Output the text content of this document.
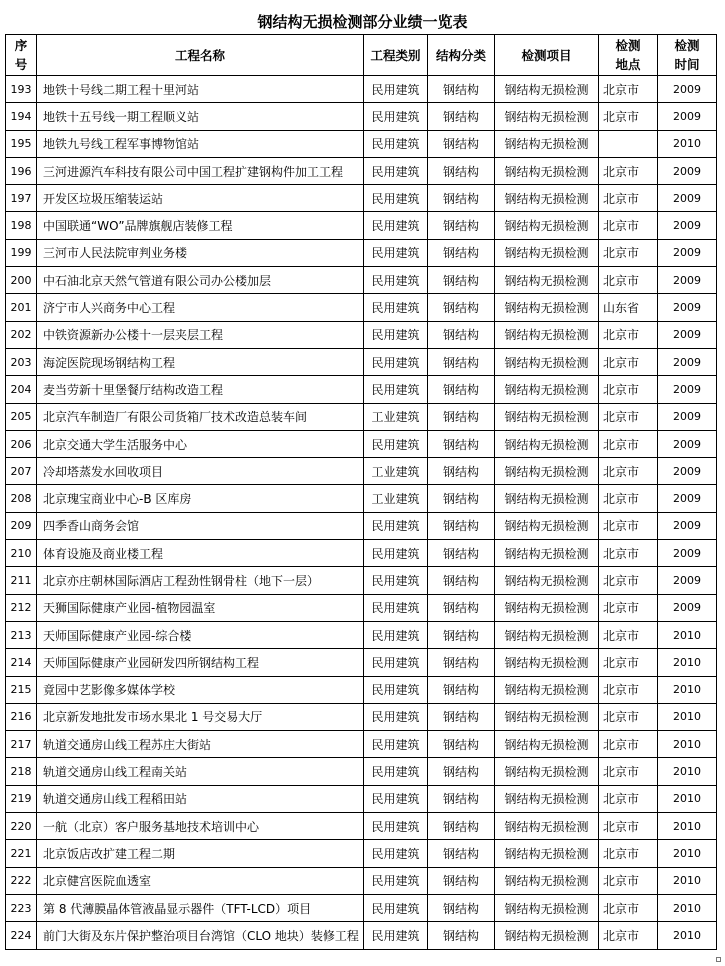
钢结构无损检测部分业绩一览表
序号	工程名称	工程类别	结构分类	检测项目	检测地点	检测时间
193	地铁十号线二期工程十里河站	民用建筑	钢结构	钢结构无损检测	北京市	2009
194	地铁十五号线一期工程顺义站	民用建筑	钢结构	钢结构无损检测	北京市	2009
195	地铁九号线工程军事博物馆站	民用建筑	钢结构	钢结构无损检测		2010
196	三河进源汽车科技有限公司中国工程扩建钢构件加工工程	民用建筑	钢结构	钢结构无损检测	北京市	2009
197	开发区垃圾压缩装运站	民用建筑	钢结构	钢结构无损检测	北京市	2009
198	中国联通“WO”品牌旗舰店装修工程	民用建筑	钢结构	钢结构无损检测	北京市	2009
199	三河市人民法院审判业务楼	民用建筑	钢结构	钢结构无损检测	北京市	2009
200	中石油北京天然气管道有限公司办公楼加层	民用建筑	钢结构	钢结构无损检测	北京市	2009
201	济宁市人兴商务中心工程	民用建筑	钢结构	钢结构无损检测	山东省	2009
202	中铁资源新办公楼十一层夹层工程	民用建筑	钢结构	钢结构无损检测	北京市	2009
203	海淀医院现场钢结构工程	民用建筑	钢结构	钢结构无损检测	北京市	2009
204	麦当劳新十里堡餐厅结构改造工程	民用建筑	钢结构	钢结构无损检测	北京市	2009
205	北京汽车制造厂有限公司货箱厂技术改造总装车间	工业建筑	钢结构	钢结构无损检测	北京市	2009
206	北京交通大学生活服务中心	民用建筑	钢结构	钢结构无损检测	北京市	2009
207	冷却塔蒸发水回收项目	工业建筑	钢结构	钢结构无损检测	北京市	2009
208	北京瑰宝商业中心-B 区库房	工业建筑	钢结构	钢结构无损检测	北京市	2009
209	四季香山商务会馆	民用建筑	钢结构	钢结构无损检测	北京市	2009
210	体育设施及商业楼工程	民用建筑	钢结构	钢结构无损检测	北京市	2009
211	北京亦庄朝林国际酒店工程劲性钢骨柱（地下一层）	民用建筑	钢结构	钢结构无损检测	北京市	2009
212	天狮国际健康产业园-植物园温室	民用建筑	钢结构	钢结构无损检测	北京市	2009
213	天师国际健康产业园-综合楼	民用建筑	钢结构	钢结构无损检测	北京市	2010
214	天师国际健康产业园研发四所钢结构工程	民用建筑	钢结构	钢结构无损检测	北京市	2010
215	竟园中艺影像多媒体学校	民用建筑	钢结构	钢结构无损检测	北京市	2010
216	北京新发地批发市场水果北 1 号交易大厅	民用建筑	钢结构	钢结构无损检测	北京市	2010
217	轨道交通房山线工程苏庄大街站	民用建筑	钢结构	钢结构无损检测	北京市	2010
218	轨道交通房山线工程南关站	民用建筑	钢结构	钢结构无损检测	北京市	2010
219	轨道交通房山线工程稻田站	民用建筑	钢结构	钢结构无损检测	北京市	2010
220	一航（北京）客户服务基地技术培训中心	民用建筑	钢结构	钢结构无损检测	北京市	2010
221	北京饭店改扩建工程二期	民用建筑	钢结构	钢结构无损检测	北京市	2010
222	北京健宫医院血透室	民用建筑	钢结构	钢结构无损检测	北京市	2010
223	第 8 代薄膜晶体管液晶显示器件（TFT-LCD）项目	民用建筑	钢结构	钢结构无损检测	北京市	2010
224	前门大街及东片保护整治项目台湾馆（CLO 地块）装修工程	民用建筑	钢结构	钢结构无损检测	北京市	2010
